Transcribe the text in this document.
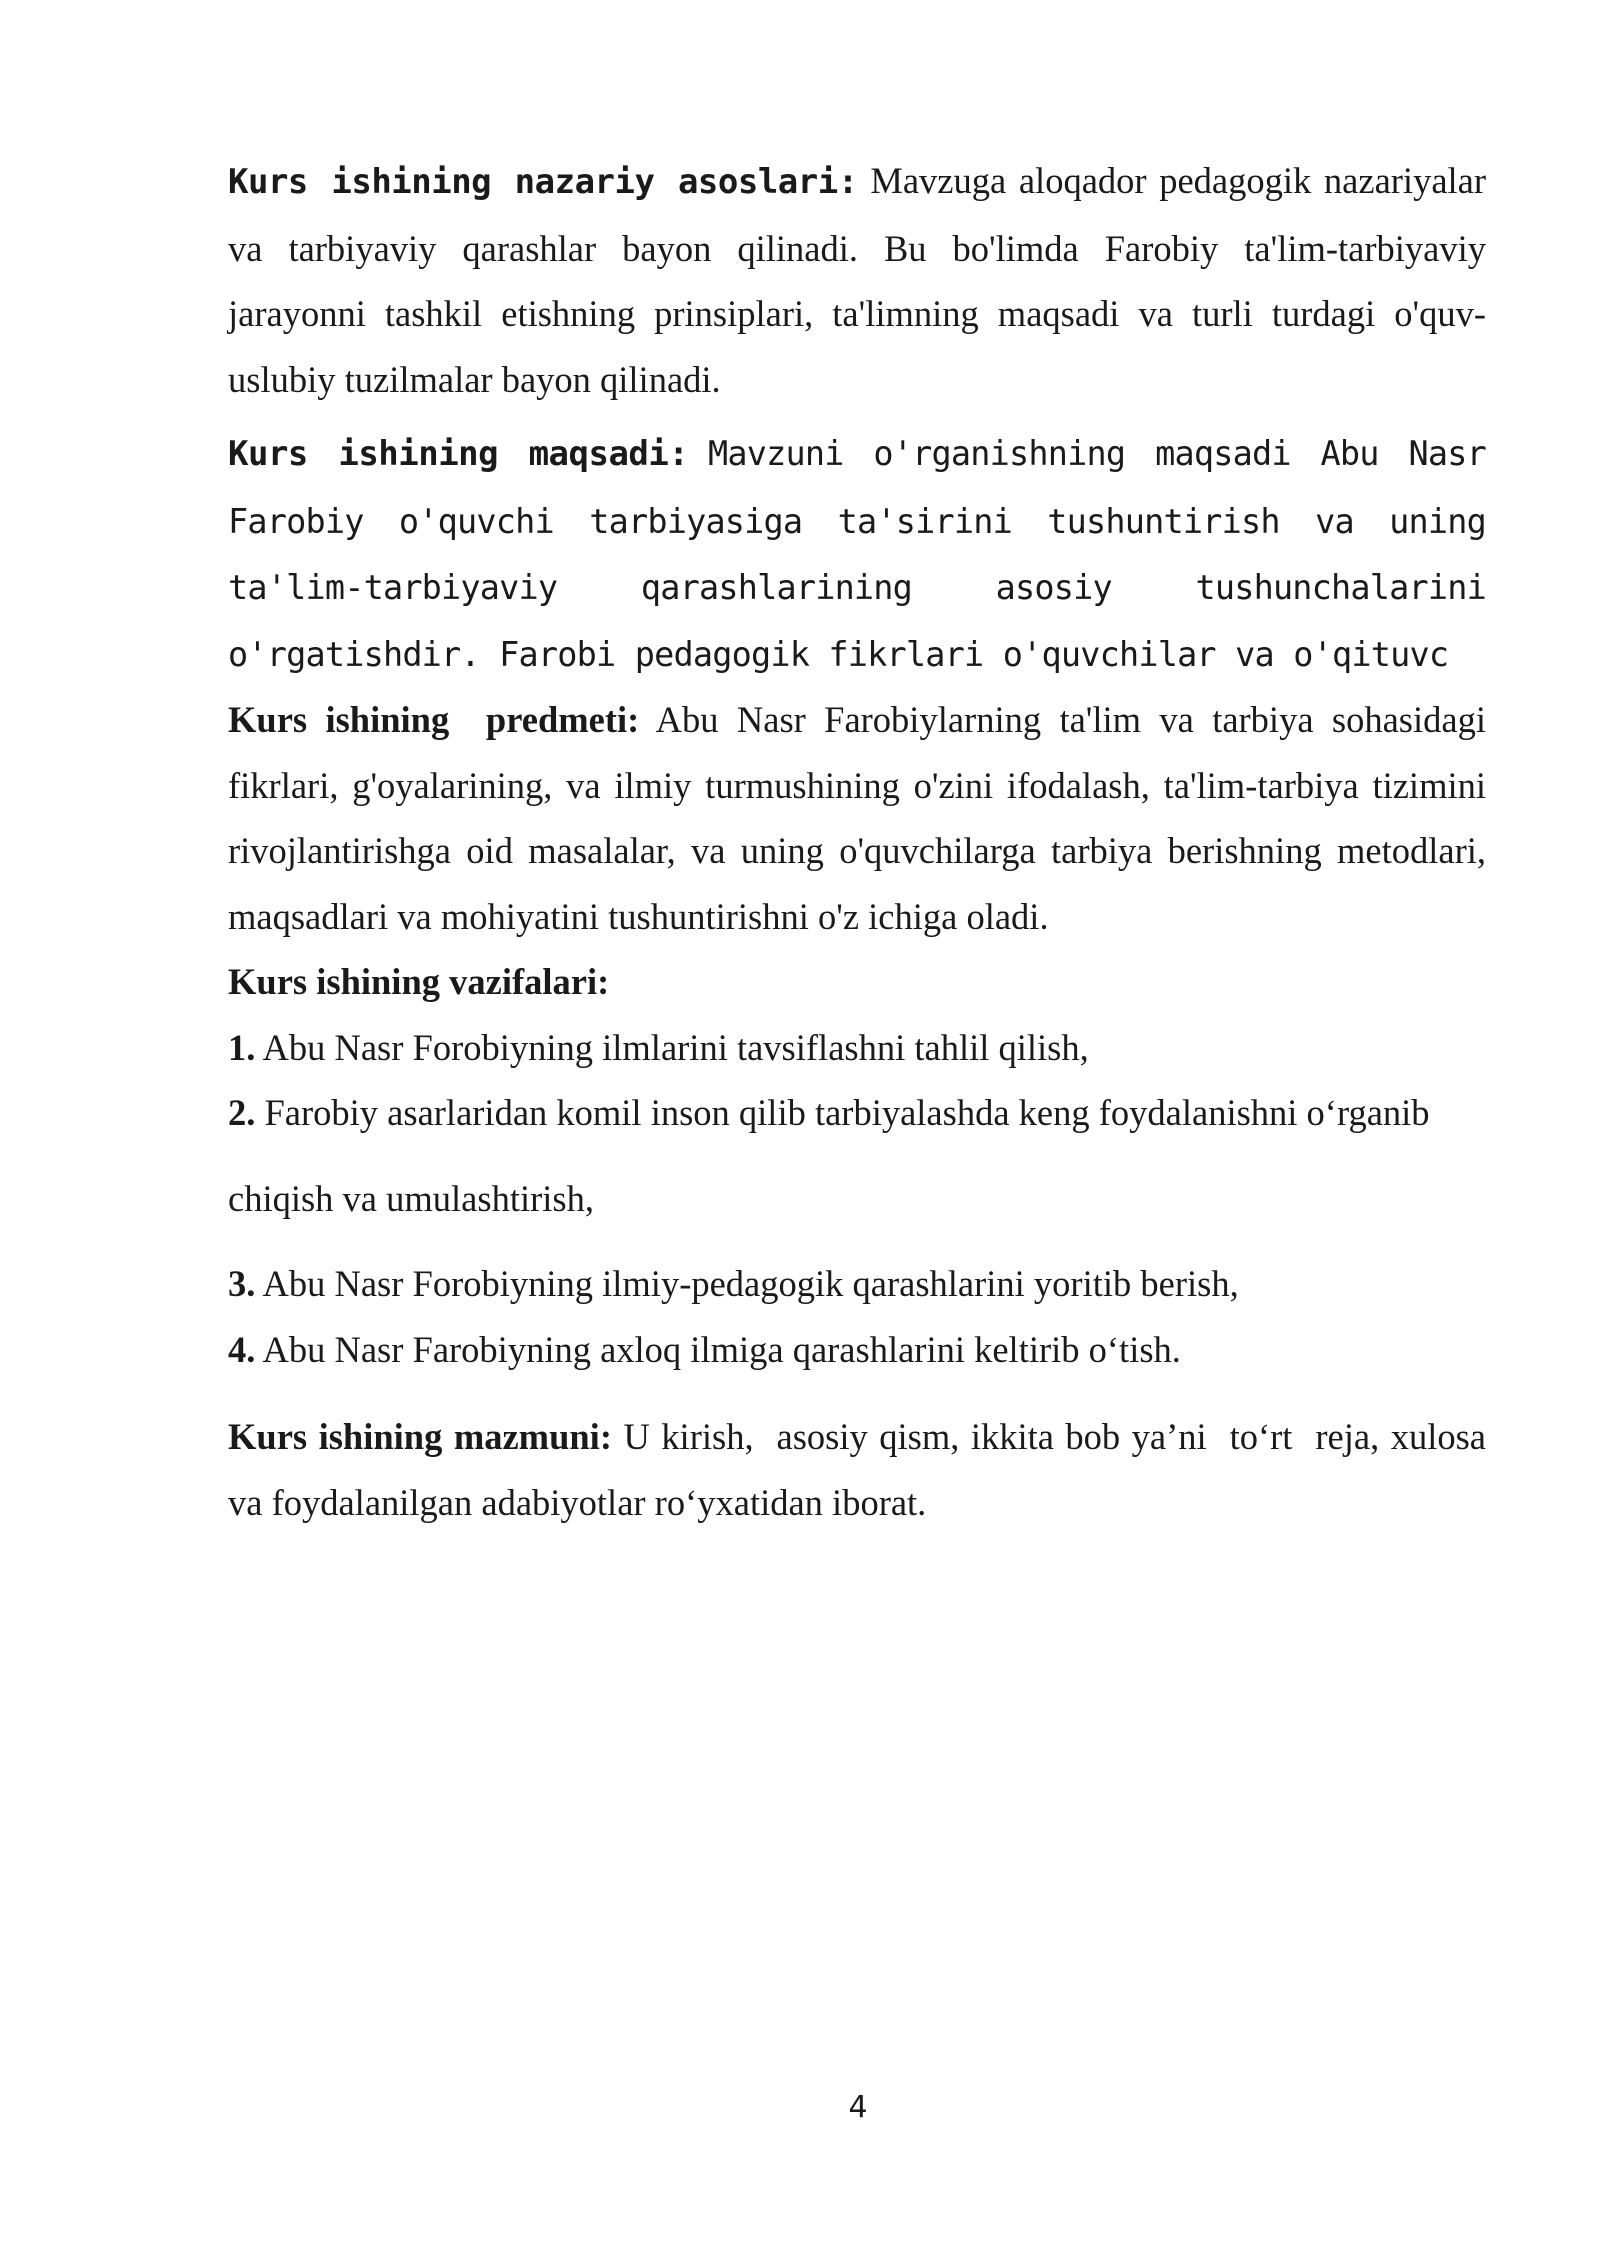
Kurs ishining nazariy asoslari: Mavzuga aloqador pedagogik nazariyalar va tarbiyaviy qarashlar bayon qilinadi. Bu bo'limda Farobiy ta'lim-tarbiyaviy jarayonni tashkil etishning prinsiplari, ta'limning maqsadi va turli turdagi o'quv-uslubiy tuzilmalar bayon qilinadi.

Kurs ishining maqsadi: Mavzuni o'rganishning maqsadi Abu Nasr Farobiy o'quvchi tarbiyasiga ta'sirini tushuntirish va uning ta'lim-tarbiyaviy qarashlarining asosiy tushunchalarini o'rgatishdir. Farobi pedagogik fikrlari o'quvchilar va o'qituvc

Kurs ishining  predmeti: Abu Nasr Farobiylarning ta'lim va tarbiya sohasidagi fikrlari, g'oyalarining, va ilmiy turmushining o'zini ifodalash, ta'lim-tarbiya tizimini rivojlantirishga oid masalalar, va uning o'quvchilarga tarbiya berishning metodlari, maqsadlari va mohiyatini tushuntirishni o'z ichiga oladi.

Kurs ishining vazifalari:

1. Abu Nasr Forobiyning ilmlarini tavsiflashni tahlil qilish,

2. Farobiy asarlaridan komil inson qilib tarbiyalashda keng foydalanishni o‘rganib

chiqish va umulashtirish,

3. Abu Nasr Forobiyning ilmiy-pedagogik qarashlarini yoritib berish,

4. Abu Nasr Farobiyning axloq ilmiga qarashlarini keltirib o‘tish.

Kurs ishining mazmuni: U kirish,  asosiy qism, ikkita bob ya’ni  to‘rt  reja, xulosa va foydalanilgan adabiyotlar ro‘yxatidan iborat.

4
